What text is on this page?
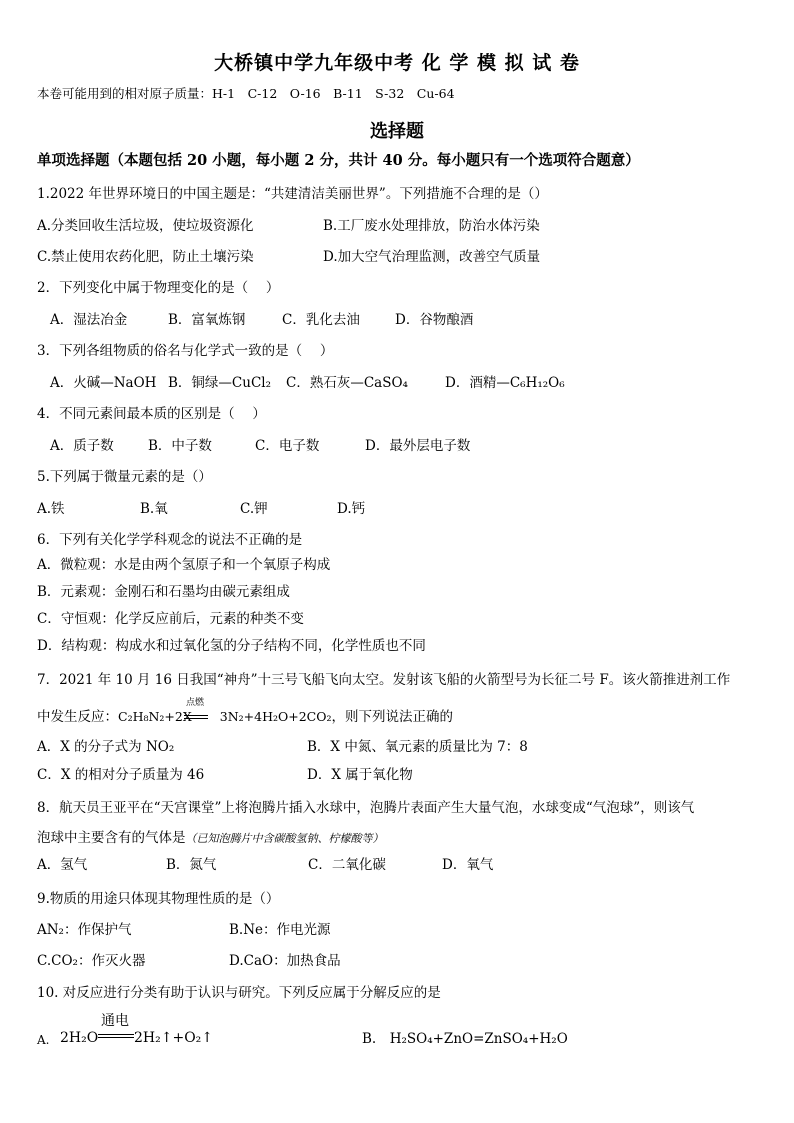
大桥镇中学九年级中考 化 学 模 拟 试 卷
本卷可能用到的相对原子质量：H-1　C-12　O-16　B-11　S-32　Cu-64
选择题
单项选择题（本题包括 20 小题，每小题 2 分，共计 40 分。每小题只有一个选项符合题意）
1.2022 年世界环境日的中国主题是：“共建清洁美丽世界”。下列措施不合理的是（）
A.分类回收生活垃圾，使垃圾资源化	B.工厂废水处理排放，防治水体污染
C.禁止使用农药化肥，防止土壤污染	D.加大空气治理监测，改善空气质量
2．下列变化中属于物理变化的是（　 ）
A．湿法冶金	B．富氧炼钢	C．乳化去油	D．谷物酿酒
3．下列各组物质的俗名与化学式一致的是（　 ）
A．火碱—NaOH B．铜绿—CuCl₂ C．熟石灰—CaSO₄	D．酒精—C₆H₁₂O₆
4．不同元素间最本质的区别是（　 ）
A．质子数	B．中子数	C．电子数	D．最外层电子数
5.下列属于微量元素的是（）
A.铁	B.氧	C.钾	D.钙
6．下列有关化学学科观念的说法不正确的是
A．微粒观：水是由两个氢原子和一个氧原子构成
B．元素观：金刚石和石墨均由碳元素组成
C．守恒观：化学反应前后，元素的种类不变
D．结构观：构成水和过氧化氢的分子结构不同，化学性质也不同
7．2021 年 10 月 16 日我国“神舟”十三号飞船飞向太空。发射该飞船的火箭型号为长征二号 F。该火箭推进剂工作
中发生反应：C₂H₈N₂+2X 3N₂+4H₂O+2CO₂，则下列说法正确的
点燃
A．X 的分子式为 NO₂	B．X 中氮、氧元素的质量比为 7：8
C．X 的相对分子质量为 46	D．X 属于氧化物
8．航天员王亚平在“天宫课堂”上将泡腾片插入水球中，泡腾片表面产生大量气泡，水球变成“气泡球”，则该气
泡球中主要含有的气体是（已知泡腾片中含碳酸氢钠、柠檬酸等）
A．氢气	B．氮气	C．二氧化碳	D．氧气
9.物质的用途只体现其物理性质的是（）
AN₂：作保护气	B.Ne：作电光源
C.CO₂：作灭火器	D.CaO：加热食品
10. 对反应进行分类有助于认识与研究。下列反应属于分解反应的是
A. 2H₂O
通电
2H₂↑+O₂↑	B.　H₂SO₄+ZnO=ZnSO₄+H₂O
